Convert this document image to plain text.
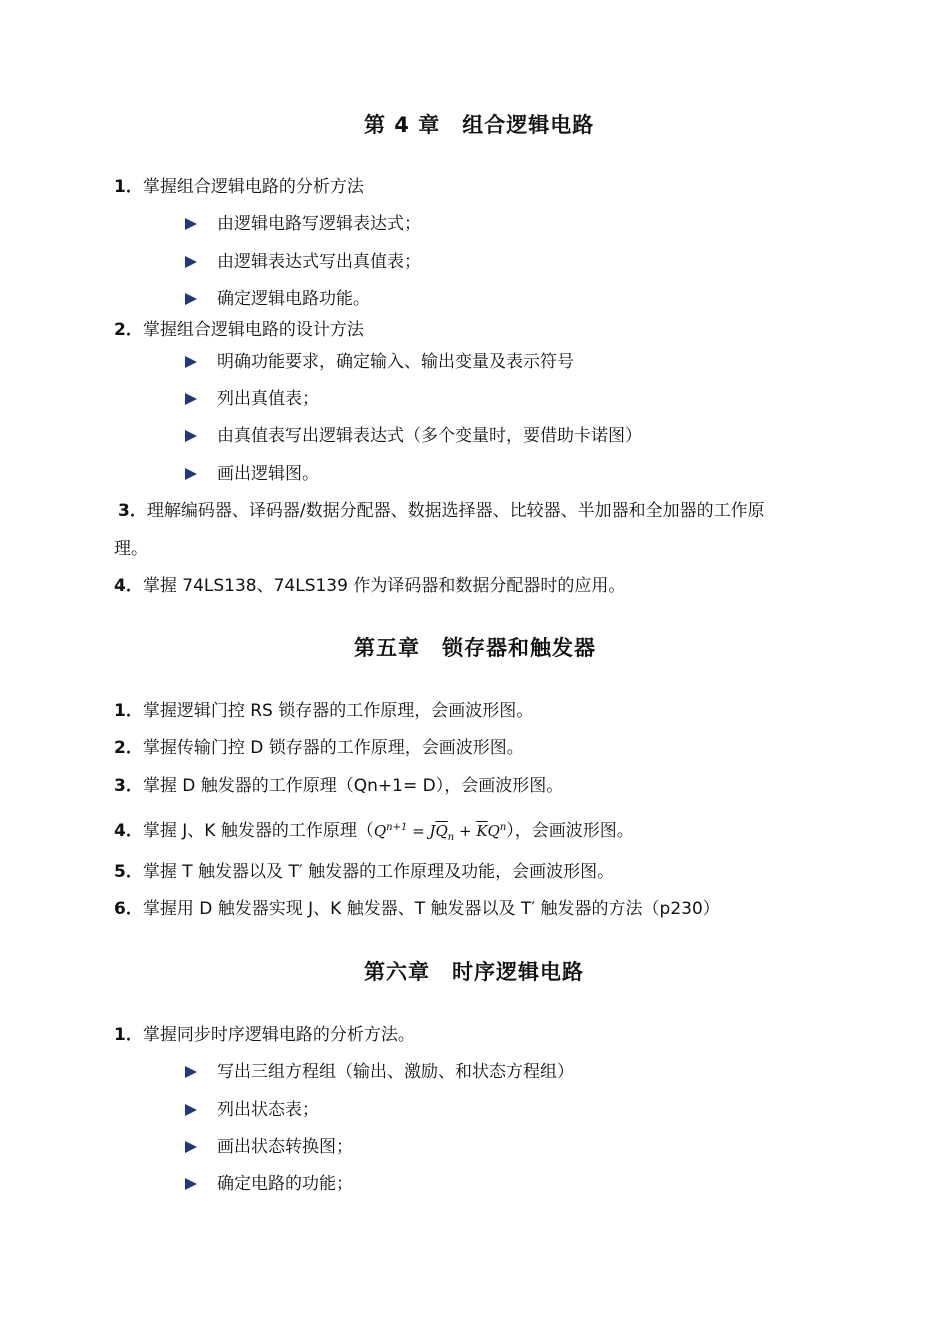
第 4 章　组合逻辑电路
1．掌握组合逻辑电路的分析方法
由逻辑电路写逻辑表达式；
由逻辑表达式写出真值表；
确定逻辑电路功能。
2．掌握组合逻辑电路的设计方法
明确功能要求，确定输入、输出变量及表示符号
列出真值表；
由真值表写出逻辑表达式（多个变量时，要借助卡诺图）
画出逻辑图。
3．理解编码器、译码器/数据分配器、数据选择器、比较器、半加器和全加器的工作原
理。
4．掌握 74LS138、74LS139 作为译码器和数据分配器时的应用。
第五章　锁存器和触发器
1．掌握逻辑门控 RS 锁存器的工作原理，会画波形图。
2．掌握传输门控 D 锁存器的工作原理，会画波形图。
3．掌握 D 触发器的工作原理（Qn+1= D），会画波形图。
4．掌握 J、K 触发器的工作原理$(Q^{n+1} = J\overline{Q}_n + \overline{K}Q^n)$，会画波形图。
5．掌握 T 触发器以及 T′ 触发器的工作原理及功能，会画波形图。
6．掌握用 D 触发器实现 J、K 触发器、T 触发器以及 T′ 触发器的方法（p230）
第六章　时序逻辑电路
1．掌握同步时序逻辑电路的分析方法。
写出三组方程组（输出、激励、和状态方程组）
列出状态表；
画出状态转换图；
确定电路的功能；
